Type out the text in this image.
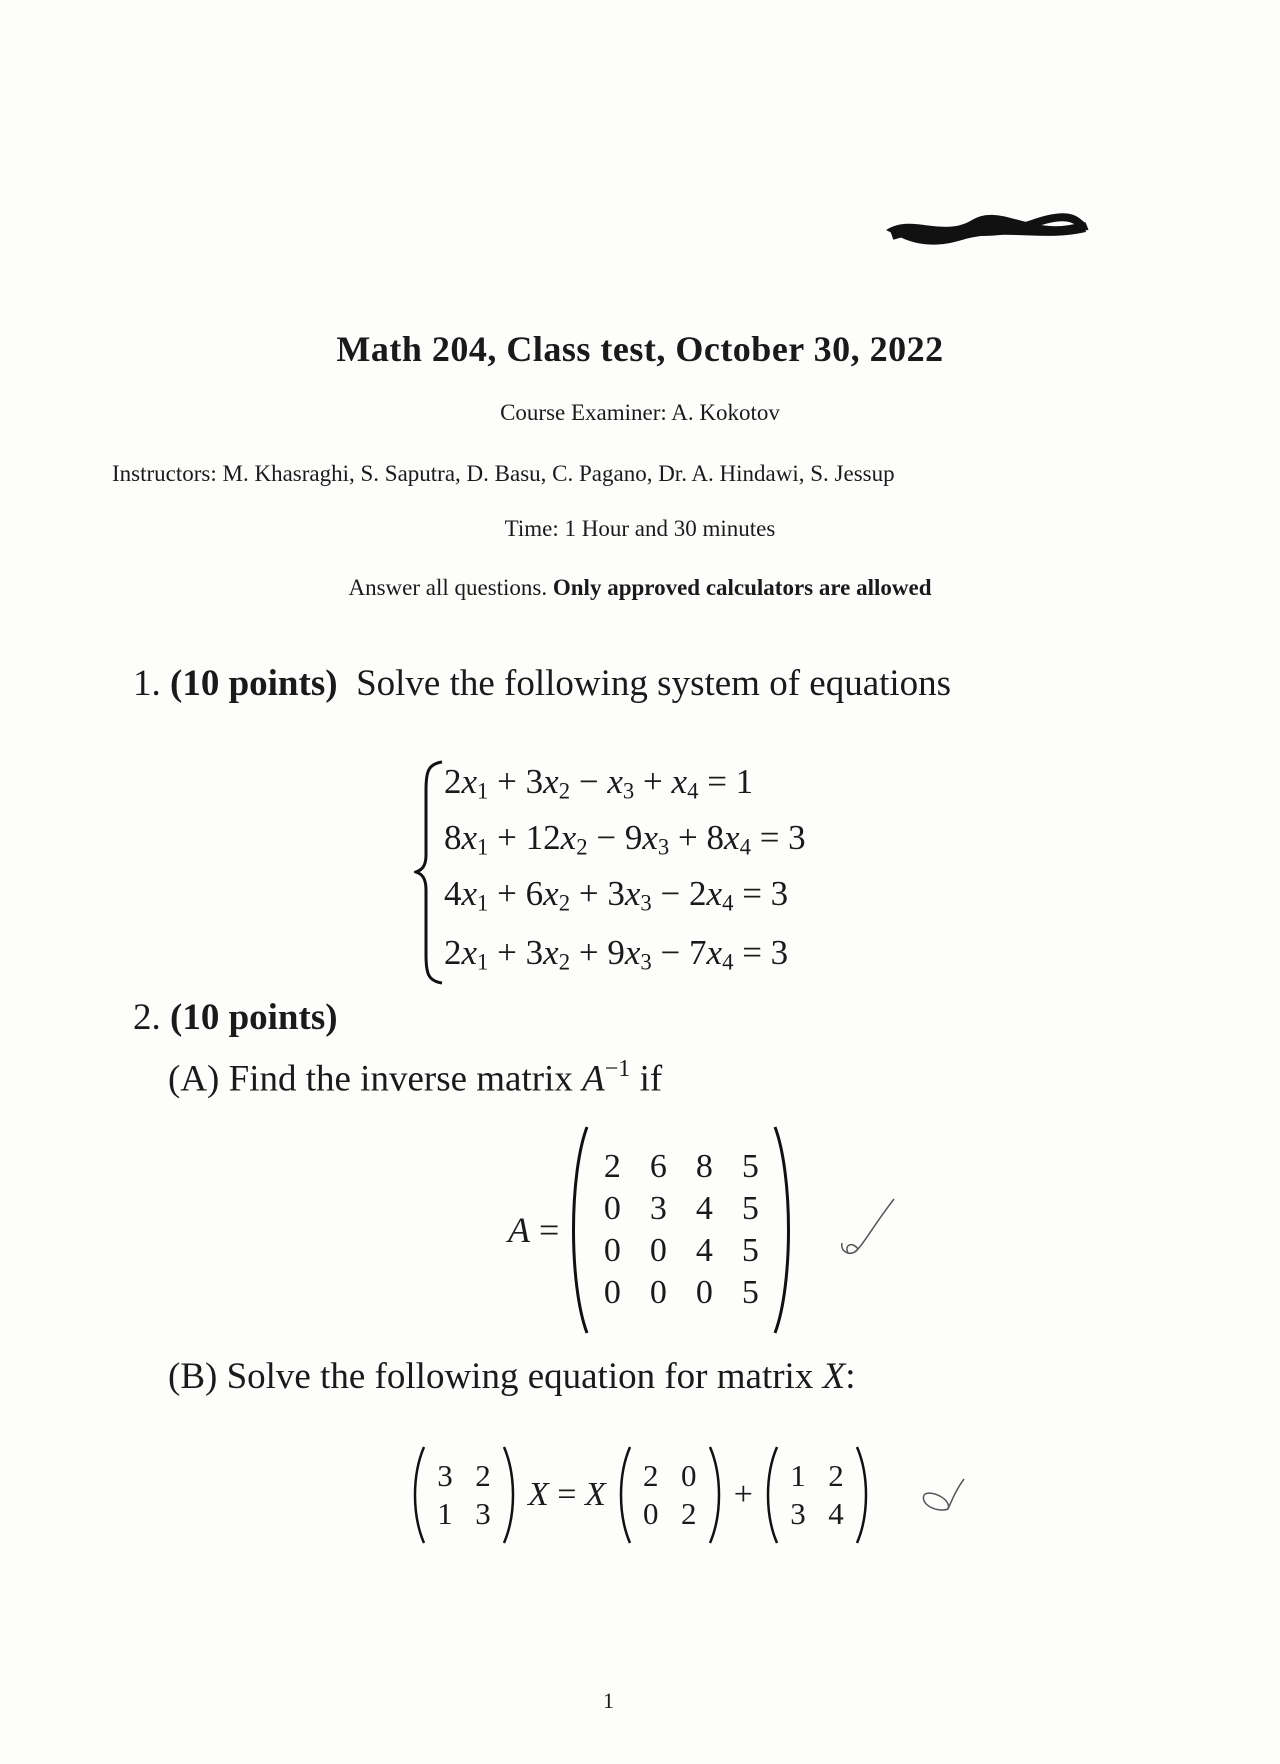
Math 204, Class test, October 30, 2022
Course Examiner: A. Kokotov
Instructors: M. Khasraghi, S. Saputra, D. Basu, C. Pagano, Dr. A. Hindawi, S. Jessup
Time: 1 Hour and 30 minutes
Answer all questions. Only approved calculators are allowed
1. (10 points) Solve the following system of equations
$2x_1 + 3x_2 - x_3 + x_4 = 1$
$8x_1 + 12x_2 - 9x_3 + 8x_4 = 3$
$4x_1 + 6x_2 + 3x_3 - 2x_4 = 3$
$2x_1 + 3x_2 + 9x_3 - 7x_4 = 3$
2. (10 points)
(A) Find the inverse matrix $A^{-1}$ if
A =
2 6 8 5
0 3 4 5
0 0 4 5
0 0 0 5
(B) Solve the following equation for matrix X:
3 2
1 3
X = X
2 0
0 2
+
1 2
3 4
1
